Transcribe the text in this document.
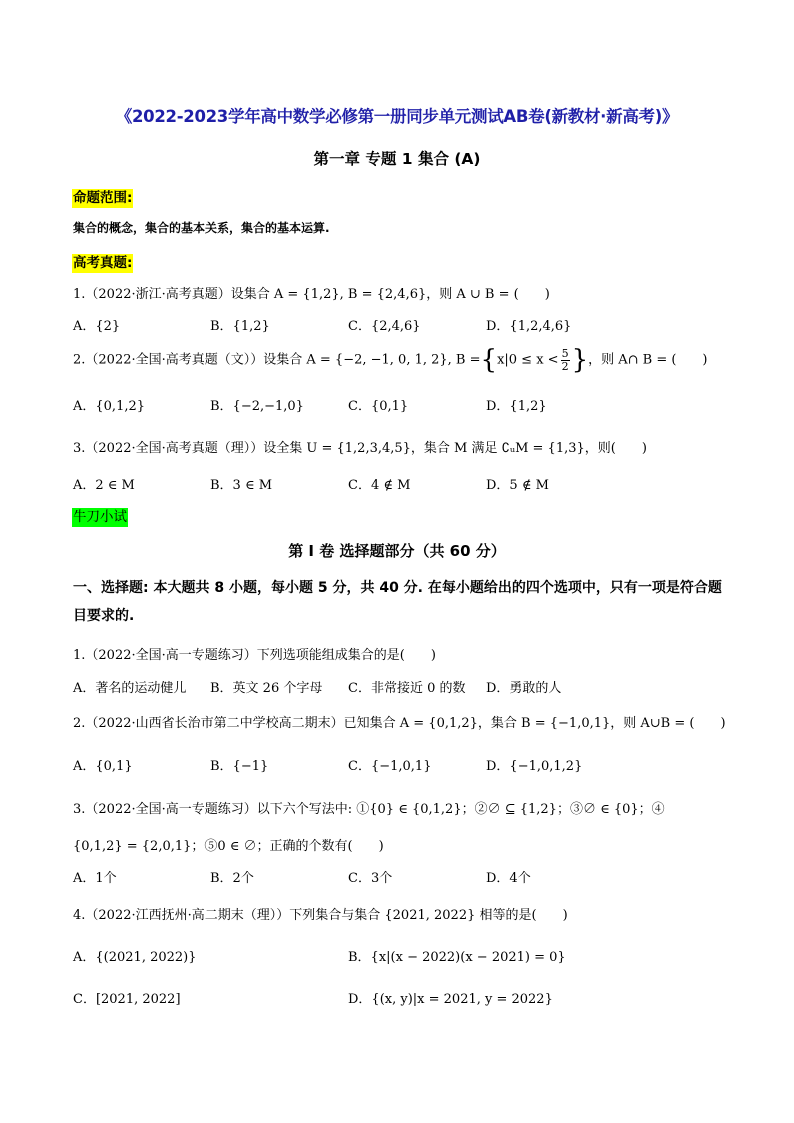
《2022-2023学年高中数学必修第一册同步单元测试AB卷(新教材·新高考)》
第一章 专题 1 集合 (A)
命题范围:
集合的概念，集合的基本关系，集合的基本运算.
高考真题:
1.（2022·浙江·高考真题）设集合 A = {1,2}, B = {2,4,6}，则 A ∪ B = (　　)
A．{2}	B．{1,2}	C．{2,4,6}	D．{1,2,4,6}
2.（2022·全国·高考真题（文））设集合 A = {−2, −1, 0, 1, 2}, $B =\{x|0 \le x < \frac{5}{2}$ }，则 A∩ B = (　　)
A．{0,1,2}	B．{−2,−1,0}	C．{0,1}	D．{1,2}
3.（2022·全国·高考真题（理））设全集 U = {1,2,3,4,5}，集合 M 满足 ∁ᵤM = {1,3}，则(　　)
A．2 ∈ M	B．3 ∈ M	C．4 ∉ M	D．5 ∉ M
牛刀小试
第 I 卷 选择题部分（共 60 分）
一、选择题: 本大题共 8 小题，每小题 5 分，共 40 分. 在每小题给出的四个选项中，只有一项是符合题目要求的.
1.（2022·全国·高一专题练习）下列选项能组成集合的是(　　)
A．著名的运动健儿 B．英文 26 个字母 C．非常接近 0 的数 D．勇敢的人
2.（2022·山西省长治市第二中学校高二期末）已知集合 A = {0,1,2}，集合 B = {−1,0,1}，则 A∪B = (　　)
A．{0,1}	B．{−1}	C．{−1,0,1}	D．{−1,0,1,2}
3.（2022·全国·高一专题练习）以下六个写法中: ①{0} ∈ {0,1,2}；②∅ ⊆ {1,2}；③∅ ∈ {0}；④
{0,1,2} = {2,0,1}；⑤0 ∈ ∅；正确的个数有(　　)
A．1个	B．2个	C．3个	D．4个
4.（2022·江西抚州·高二期末（理））下列集合与集合 {2021, 2022} 相等的是(　　)
A．{(2021, 2022)}	B．{x|(x − 2022)(x − 2021) = 0}
C．[2021, 2022]	D．{(x, y)|x = 2021, y = 2022}
